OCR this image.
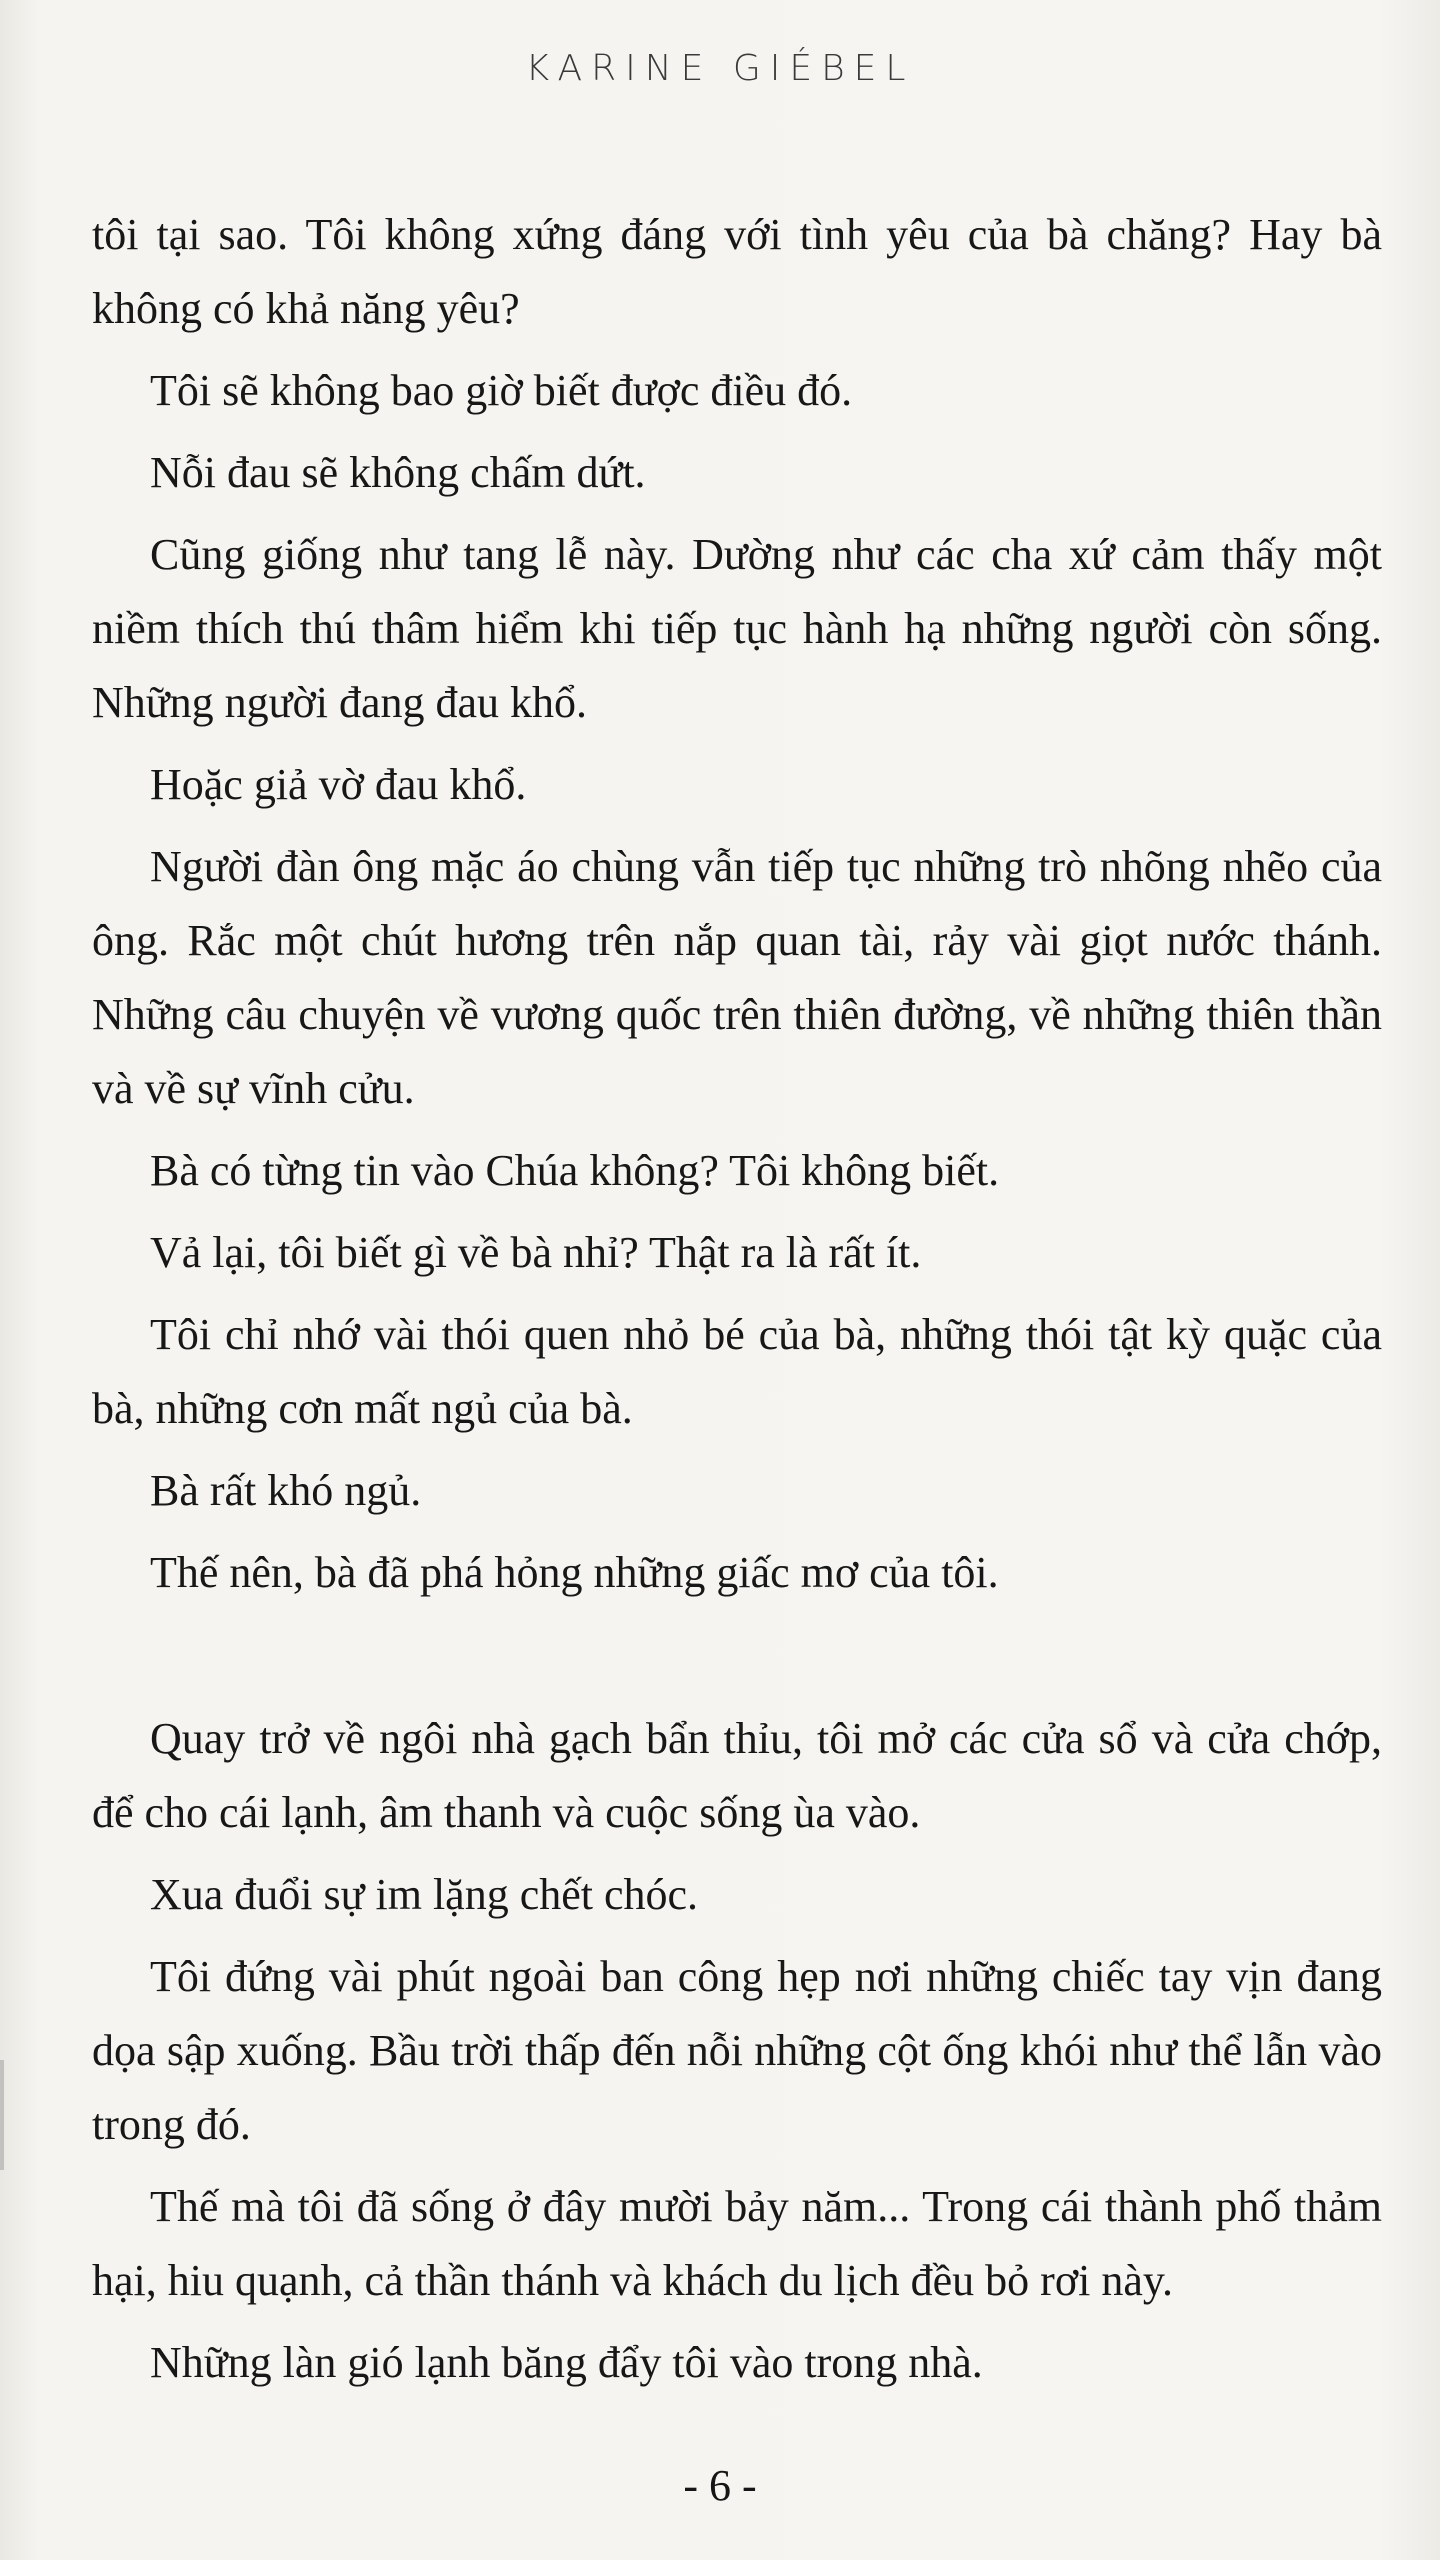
KARINE GIÉBEL

tôi tại sao. Tôi không xứng đáng với tình yêu của bà chăng? Hay bà không có khả năng yêu?

Tôi sẽ không bao giờ biết được điều đó.

Nỗi đau sẽ không chấm dứt.

Cũng giống như tang lễ này. Dường như các cha xứ cảm thấy một niềm thích thú thâm hiểm khi tiếp tục hành hạ những người còn sống. Những người đang đau khổ.

Hoặc giả vờ đau khổ.

Người đàn ông mặc áo chùng vẫn tiếp tục những trò nhõng nhẽo của ông. Rắc một chút hương trên nắp quan tài, rảy vài giọt nước thánh. Những câu chuyện về vương quốc trên thiên đường, về những thiên thần và về sự vĩnh cửu.

Bà có từng tin vào Chúa không? Tôi không biết.

Vả lại, tôi biết gì về bà nhỉ? Thật ra là rất ít.

Tôi chỉ nhớ vài thói quen nhỏ bé của bà, những thói tật kỳ quặc của bà, những cơn mất ngủ của bà.

Bà rất khó ngủ.

Thế nên, bà đã phá hỏng những giấc mơ của tôi.

Quay trở về ngôi nhà gạch bẩn thỉu, tôi mở các cửa sổ và cửa chớp, để cho cái lạnh, âm thanh và cuộc sống ùa vào.

Xua đuổi sự im lặng chết chóc.

Tôi đứng vài phút ngoài ban công hẹp nơi những chiếc tay vịn đang dọa sập xuống. Bầu trời thấp đến nỗi những cột ống khói như thể lẫn vào trong đó.

Thế mà tôi đã sống ở đây mười bảy năm... Trong cái thành phố thảm hại, hiu quạnh, cả thần thánh và khách du lịch đều bỏ rơi này.

Những làn gió lạnh băng đẩy tôi vào trong nhà.

- 6 -
